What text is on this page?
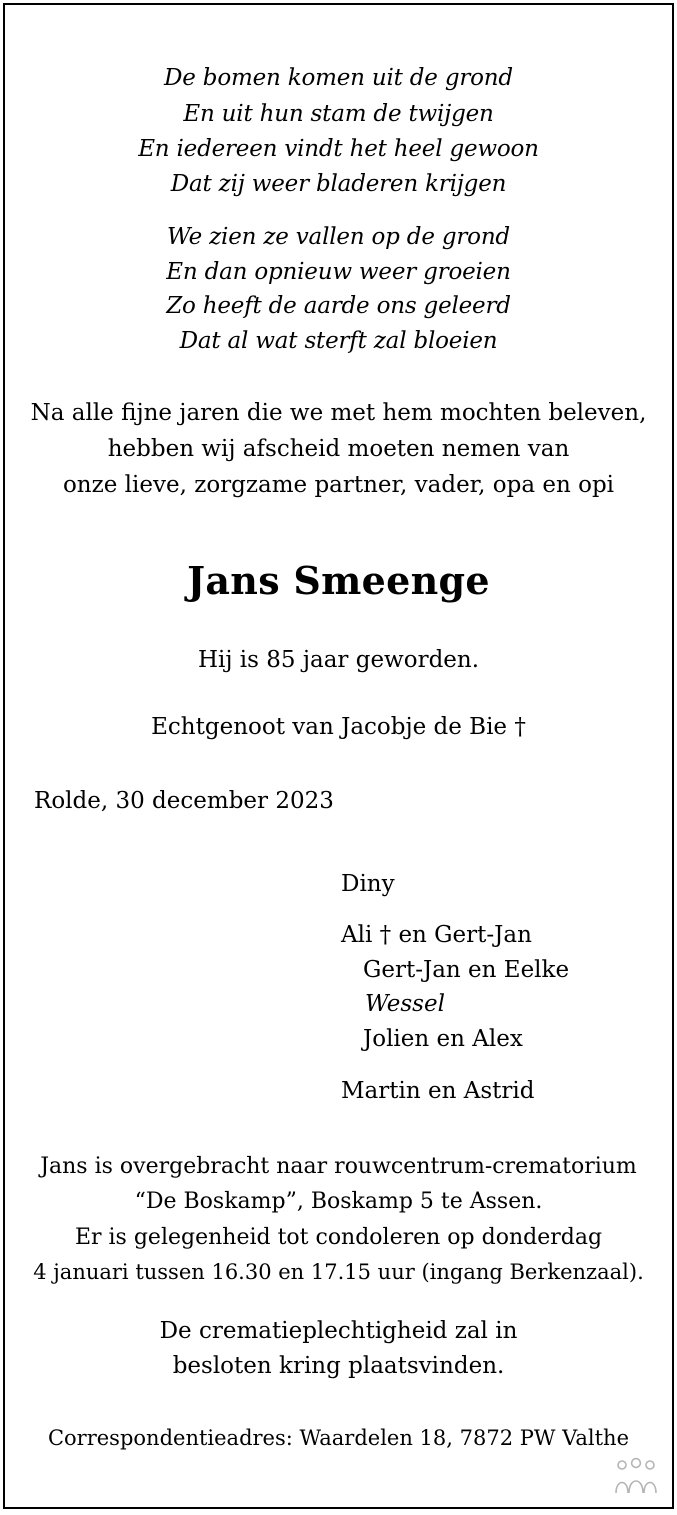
De bomen komen uit de grond
En uit hun stam de twijgen
En iedereen vindt het heel gewoon
Dat zij weer bladeren krijgen
We zien ze vallen op de grond
En dan opnieuw weer groeien
Zo heeft de aarde ons geleerd
Dat al wat sterft zal bloeien
Na alle fijne jaren die we met hem mochten beleven,
hebben wij afscheid moeten nemen van
onze lieve, zorgzame partner, vader, opa en opi
Jans Smeenge
Hij is 85 jaar geworden.
Echtgenoot van Jacobje de Bie †
Rolde, 30 december 2023
Diny
Ali † en Gert-Jan
Gert-Jan en Eelke
Wessel
Jolien en Alex
Martin en Astrid
Jans is overgebracht naar rouwcentrum-crematorium
“De Boskamp”, Boskamp 5 te Assen.
Er is gelegenheid tot condoleren op donderdag
4 januari tussen 16.30 en 17.15 uur (ingang Berkenzaal).
De crematieplechtigheid zal in
besloten kring plaatsvinden.
Correspondentieadres: Waardelen 18, 7872 PW Valthe
